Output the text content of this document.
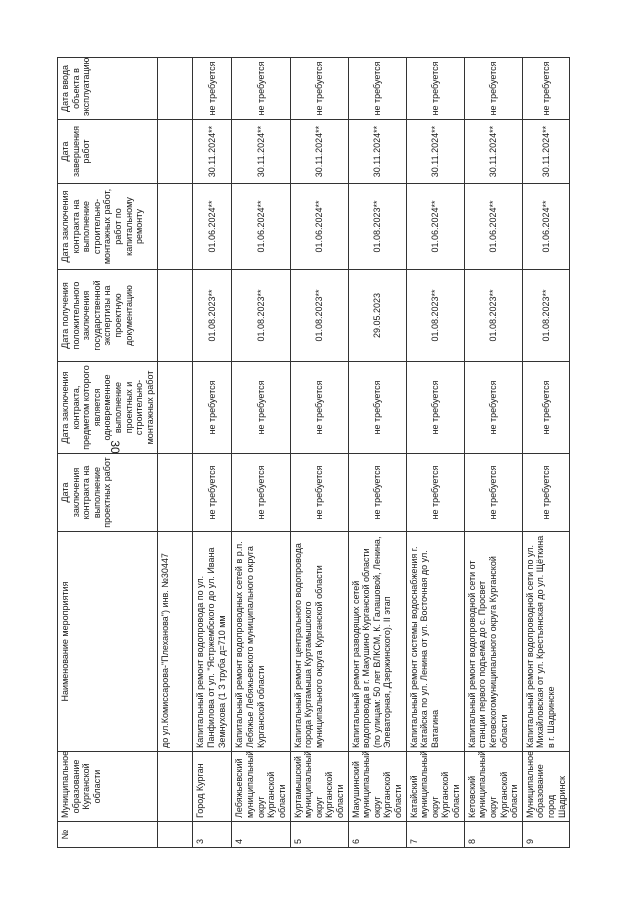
30
№	Муниципальное образование Курганской области	Наименование мероприятия	Дата заключения контракта на выполнение проектных работ	Дата заключения контракта, предметом которого является одновременное выполнение проектных и строительно-монтажных работ	Дата получения положительного заключения государственной экспертизы на проектную документацию	Дата заключения контракта на выполнение строительно-монтажных работ, работ по капитальному ремонту	Дата завершения работ	Дата ввода объекта в эксплуатацию
		до ул.Комиссарова-"Плеханова") инв. №30447						
3	Город Курган	Капитальный ремонт водопровода по ул. Панфилова от ул. "Ястржембского до ул. Ивана Земнухова (1 З труба д=710 мм	не требуется	не требуется	01.08.2023**	01.06.2024**	30.11.2024**	не требуется
4	Лебяжьевский муниципальный округ Курганской области	Капитальный ремонт водопроводных сетей в р.п. Лебяжье Лебяжьевского муниципального округа Курганской области	не требуется	не требуется	01.08.2023**	01.06.2024**	30.11.2024**	не требуется
5	Куртамышский муниципальный округ Курганской области	Капитальный ремонт центрального водопровода города Куртамыша Куртамышского муниципального округа Курганской области	не требуется	не требуется	01.08.2023**	01.06.2024**	30.11.2024**	не требуется
6	Макушинский муниципальный округ Курганской области	Капитальный ремонт разводящих сетей водопровода в г. Макушино Курганской области (по улицам: 50 лет ВЛКСМ, К. Галашовой, Ленина, Элеваторная, Дзержинского). II этап	не требуется	не требуется	29.05.2023	01.08.2023**	30.11.2024**	не требуется
7	Катайский муниципальный округ Курганской области	Капитальный ремонт системы водоснабжения г. Катайска по ул. Ленина от ул. Восточная до ул. Ватагина	не требуется	не требуется	01.08.2023**	01.06.2024**	30.11.2024**	не требуется
8	Кетовский муниципальный округ Курганской области	Капитальный ремонт водопроводной сети от станции первого подъема до с. Просвет Кетовскогомуниципального округа Курганской области	не требуется	не требуется	01.08.2023**	01.06.2024**	30.11.2024**	не требуется
9	Муниципальное образование город Шадринск	Капитальный ремонт водопроводной сети по ул. Михайловская от ул. Крестьянская до ул. Щёткина в г. Шадринске	не требуется	не требуется	01.08.2023**	01.06.2024**	30.11.2024**	не требуется
